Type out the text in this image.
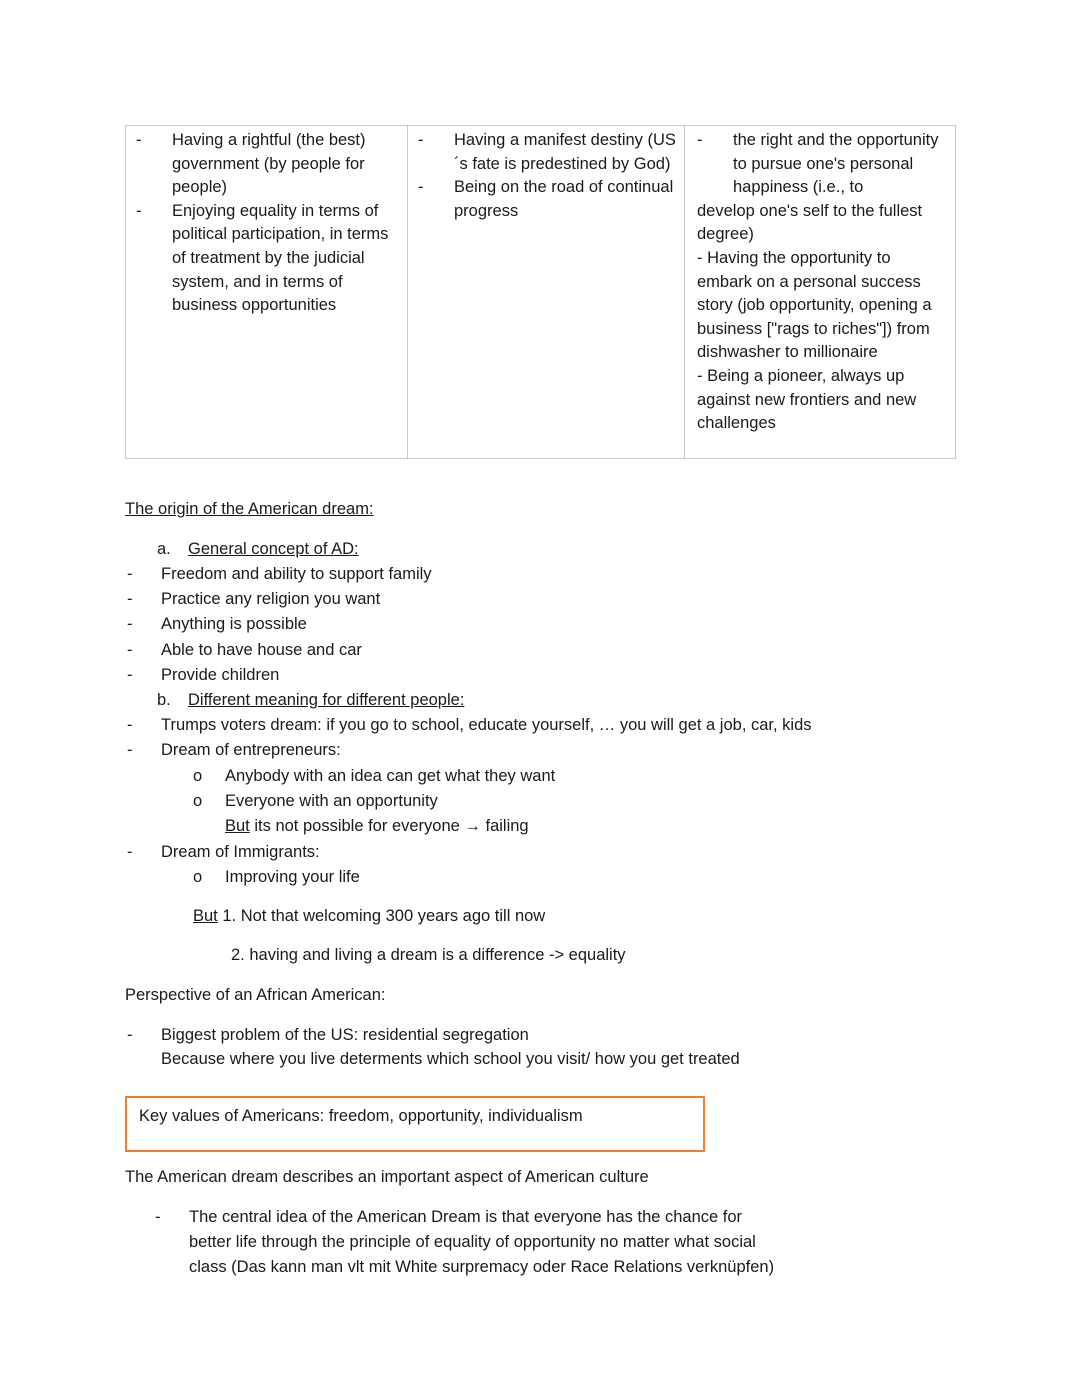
-	Having a rightful (the best) government (by people for people)
-	Enjoying equality in terms of political participation, in terms of treatment by the judicial system, and in terms of business opportunities

-	Having a manifest destiny (US´s fate is predestined by God)
-	Being on the road of continual progress

-	the right and the opportunity to pursue one's personal happiness (i.e., to
develop one's self to the fullest degree)
- Having the opportunity to embark on a personal success story (job opportunity, opening a business ["rags to riches"]) from dishwasher to millionaire
- Being a pioneer, always up against new frontiers and new challenges
The origin of the American dream:
a. General concept of AD:
- Freedom and ability to support family
- Practice any religion you want
- Anything is possible
- Able to have house and car
- Provide children
b. Different meaning for different people:
- Trumps voters dream: if you go to school, educate yourself, … you will get a job, car, kids
- Dream of entrepreneurs:
o Anybody with an idea can get what they want
o Everyone with an opportunity
But its not possible for everyone → failing
- Dream of Immigrants:
o Improving your life
But 1. Not that welcoming 300 years ago till now
2. having and living a dream is a difference -> equality
Perspective of an African American:
- Biggest problem of the US: residential segregation
Because where you live determents which school you visit/ how you get treated
Key values of Americans: freedom, opportunity, individualism
The American dream describes an important aspect of American culture
- The central idea of the American Dream is that everyone has the chance for
better life through the principle of equality of opportunity no matter what social
class (Das kann man vlt mit White surpremacy oder Race Relations verknüpfen)
